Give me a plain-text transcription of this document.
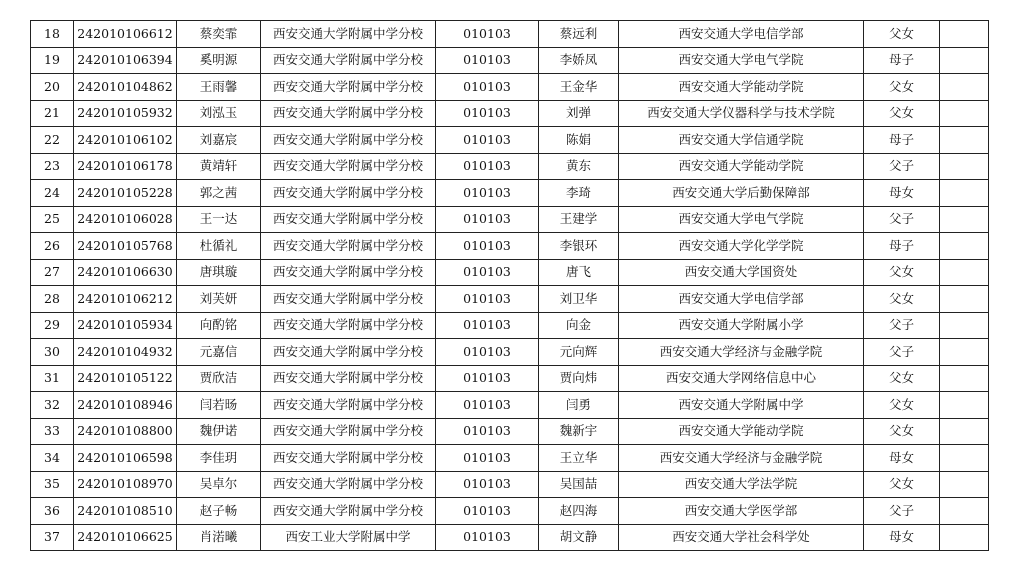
18	242010106612	蔡奕霏	西安交通大学附属中学分校	010103	蔡远利	西安交通大学电信学部	父女	
19	242010106394	奚明源	西安交通大学附属中学分校	010103	李娇凤	西安交通大学电气学院	母子	
20	242010104862	王雨馨	西安交通大学附属中学分校	010103	王金华	西安交通大学能动学院	父女	
21	242010105932	刘泓玉	西安交通大学附属中学分校	010103	刘弹	西安交通大学仪器科学与技术学院	父女	
22	242010106102	刘嘉宸	西安交通大学附属中学分校	010103	陈娟	西安交通大学信通学院	母子	
23	242010106178	黄靖轩	西安交通大学附属中学分校	010103	黄东	西安交通大学能动学院	父子	
24	242010105228	郭之茜	西安交通大学附属中学分校	010103	李琦	西安交通大学后勤保障部	母女	
25	242010106028	王一达	西安交通大学附属中学分校	010103	王建学	西安交通大学电气学院	父子	
26	242010105768	杜循礼	西安交通大学附属中学分校	010103	李银环	西安交通大学化学学院	母子	
27	242010106630	唐琪璇	西安交通大学附属中学分校	010103	唐飞	西安交通大学国资处	父女	
28	242010106212	刘芙妍	西安交通大学附属中学分校	010103	刘卫华	西安交通大学电信学部	父女	
29	242010105934	向酌铭	西安交通大学附属中学分校	010103	向金	西安交通大学附属小学	父子	
30	242010104932	元嘉信	西安交通大学附属中学分校	010103	元向辉	西安交通大学经济与金融学院	父子	
31	242010105122	贾欣洁	西安交通大学附属中学分校	010103	贾向炜	西安交通大学网络信息中心	父女	
32	242010108946	闫若旸	西安交通大学附属中学分校	010103	闫勇	西安交通大学附属中学	父女	
33	242010108800	魏伊诺	西安交通大学附属中学分校	010103	魏新宇	西安交通大学能动学院	父女	
34	242010106598	李佳玥	西安交通大学附属中学分校	010103	王立华	西安交通大学经济与金融学院	母女	
35	242010108970	吴卓尔	西安交通大学附属中学分校	010103	吴国喆	西安交通大学法学院	父女	
36	242010108510	赵子畅	西安交通大学附属中学分校	010103	赵四海	西安交通大学医学部	父子	
37	242010106625	肖渃曦	西安工业大学附属中学	010103	胡文静	西安交通大学社会科学处	母女	
